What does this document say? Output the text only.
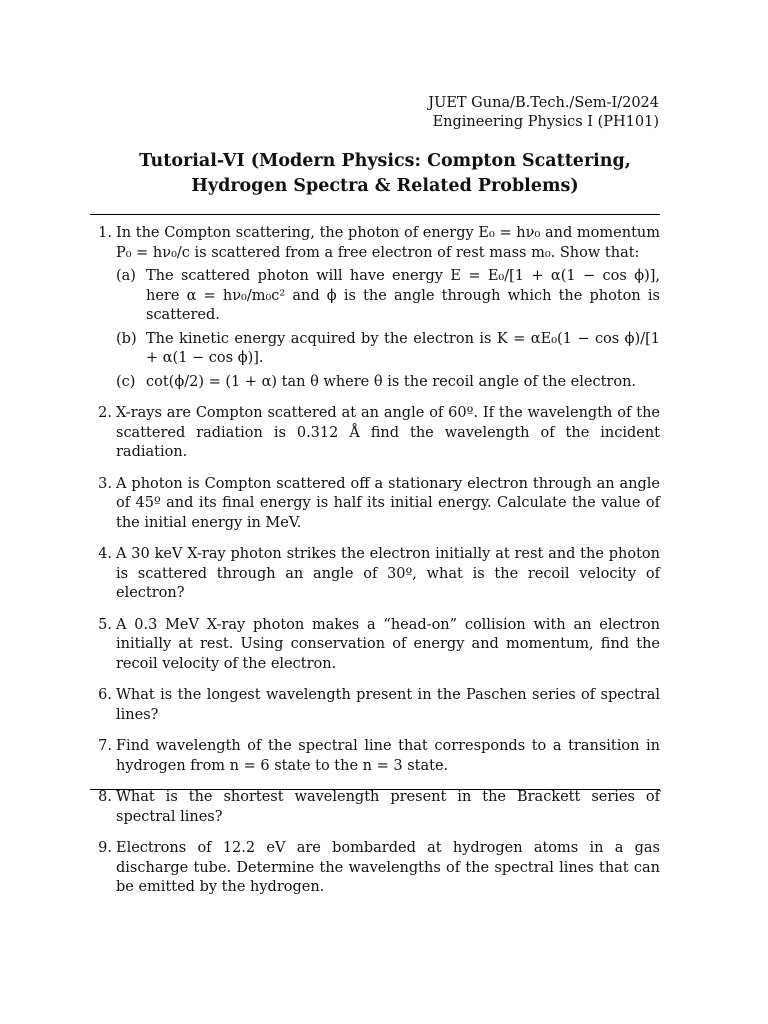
JUET Guna/B.Tech./Sem-I/2024
Engineering Physics I (PH101)
Tutorial-VI (Modern Physics: Compton Scattering, Hydrogen Spectra & Related Problems)
1. In the Compton scattering, the photon of energy E₀ = hν₀ and momentum P₀ = hν₀/c is scattered from a free electron of rest mass m₀. Show that:
(a) The scattered photon will have energy E = E₀/[1 + α(1 − cos ϕ)], here α = hν₀/m₀c² and ϕ is the angle through which the photon is scattered.
(b) The kinetic energy acquired by the electron is K = αE₀(1 − cos ϕ)/[1 + α(1 − cos ϕ)].
(c) cot(ϕ/2) = (1 + α) tan θ where θ is the recoil angle of the electron.
2. X-rays are Compton scattered at an angle of 60º. If the wavelength of the scattered radiation is 0.312 Å find the wavelength of the incident radiation.
3. A photon is Compton scattered off a stationary electron through an angle of 45º and its final energy is half its initial energy. Calculate the value of the initial energy in MeV.
4. A 30 keV X-ray photon strikes the electron initially at rest and the photon is scattered through an angle of 30º, what is the recoil velocity of electron?
5. A 0.3 MeV X-ray photon makes a “head-on” collision with an electron initially at rest. Using conservation of energy and momentum, find the recoil velocity of the electron.
6. What is the longest wavelength present in the Paschen series of spectral lines?
7. Find wavelength of the spectral line that corresponds to a transition in hydrogen from n = 6 state to the n = 3 state.
8. What is the shortest wavelength present in the Brackett series of spectral lines?
9. Electrons of 12.2 eV are bombarded at hydrogen atoms in a gas discharge tube. Determine the wavelengths of the spectral lines that can be emitted by the hydrogen.
